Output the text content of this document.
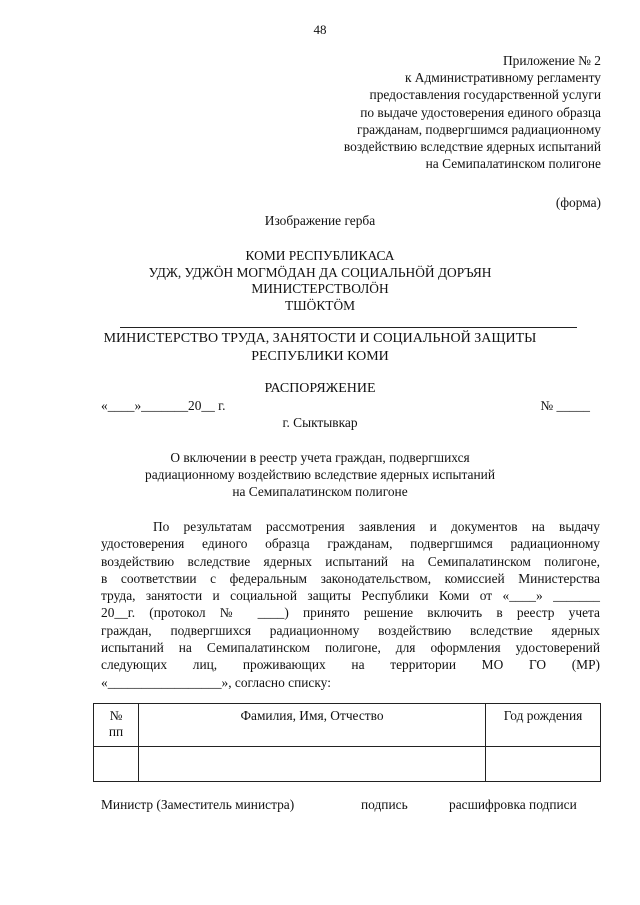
48
Приложение № 2
к Административному регламенту
предоставления государственной услуги
по выдаче удостоверения единого образца
гражданам, подвергшимся радиационному
воздействию вследствие ядерных испытаний
на Семипалатинском полигоне
(форма)
Изображение герба
КОМИ РЕСПУБЛИКАСА
УДЖ, УДЖӦН МОГМӦДАН ДА СОЦИАЛЬНӦЙ ДОРЪЯН
МИНИСТЕРСТВОЛӦН
ТШӦКТӦМ
МИНИСТЕРСТВО ТРУДА, ЗАНЯТОСТИ И СОЦИАЛЬНОЙ ЗАЩИТЫ
РЕСПУБЛИКИ КОМИ
РАСПОРЯЖЕНИЕ
«____»_______20__ г.	№ _____
г. Сыктывкар
О включении в реестр учета граждан, подвергшихся
радиационному воздействию вследствие ядерных испытаний
на Семипалатинском полигоне
По результатам рассмотрения заявления и документов на выдачу
удостоверения единого образца гражданам, подвергшимся радиационному
воздействию вследствие ядерных испытаний на Семипалатинском полигоне,
в соответствии с федеральным законодательством, комиссией Министерства
труда, занятости и социальной защиты Республики Коми от «____» _______
20__г. (протокол № ____) принято решение включить в реестр учета
граждан, подвергшихся радиационному воздействию вследствие ядерных
испытаний на Семипалатинском полигоне, для оформления удостоверений
следующих лиц, проживающих на территории МО ГО (МР)
«_________________», согласно списку:
№
пп	Фамилия, Имя, Отчество	Год рождения

Министр (Заместитель министра)	подпись	расшифровка подписи
